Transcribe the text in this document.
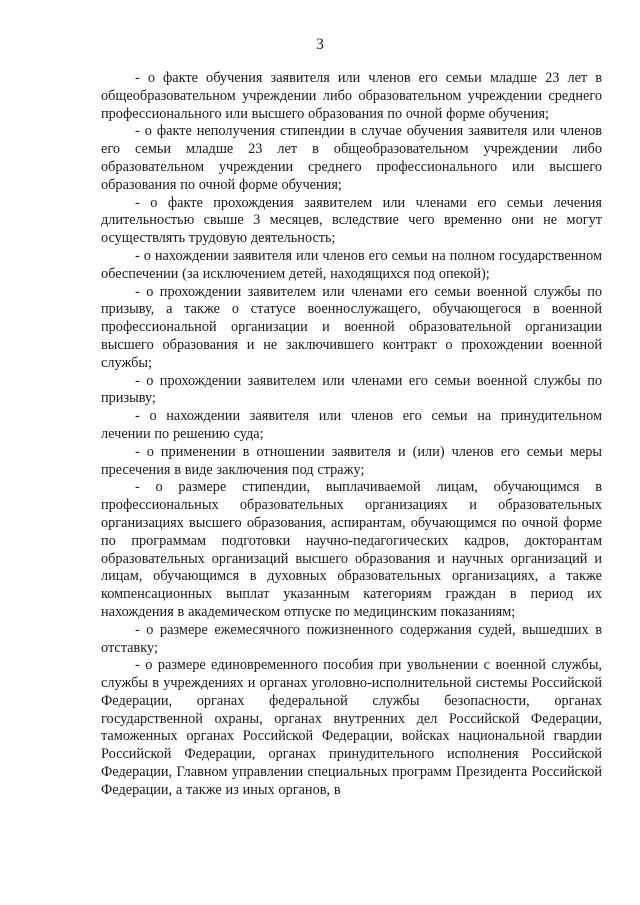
3

- о факте обучения заявителя или членов его семьи младше 23 лет в общеобразовательном учреждении либо образовательном учреждении среднего профессионального или высшего образования по очной форме обучения;

- о факте неполучения стипендии в случае обучения заявителя или членов его семьи младше 23 лет в общеобразовательном учреждении либо образовательном учреждении среднего профессионального или высшего образования по очной форме обучения;

- о факте прохождения заявителем или членами его семьи лечения длительностью свыше 3 месяцев, вследствие чего временно они не могут осуществлять трудовую деятельность;

- о нахождении заявителя или членов его семьи на полном государственном обеспечении (за исключением детей, находящихся под опекой);

- о прохождении заявителем или членами его семьи военной службы по призыву, а также о статусе военнослужащего, обучающегося в военной профессиональной организации и военной образовательной организации высшего образования и не заключившего контракт о прохождении военной службы;

- о прохождении заявителем или членами его семьи военной службы по призыву;

- о нахождении заявителя или членов его семьи на принудительном лечении по решению суда;

- о применении в отношении заявителя и (или) членов его семьи меры пресечения в виде заключения под стражу;

- о размере стипендии, выплачиваемой лицам, обучающимся в профессиональных образовательных организациях и образовательных организациях высшего образования, аспирантам, обучающимся по очной форме по программам подготовки научно-педагогических кадров, докторантам образовательных организаций высшего образования и научных организаций и лицам, обучающимся в духовных образовательных организациях, а также компенсационных выплат указанным категориям граждан в период их нахождения в академическом отпуске по медицинским показаниям;

- о размере ежемесячного пожизненного содержания судей, вышедших в отставку;

- о размере единовременного пособия при увольнении с военной службы, службы в учреждениях и органах уголовно-исполнительной системы Российской Федерации, органах федеральной службы безопасности, органах государственной охраны, органах внутренних дел Российской Федерации, таможенных органах Российской Федерации, войсках национальной гвардии Российской Федерации, органах принудительного исполнения Российской Федерации, Главном управлении специальных программ Президента Российской Федерации, а также из иных органов, в
